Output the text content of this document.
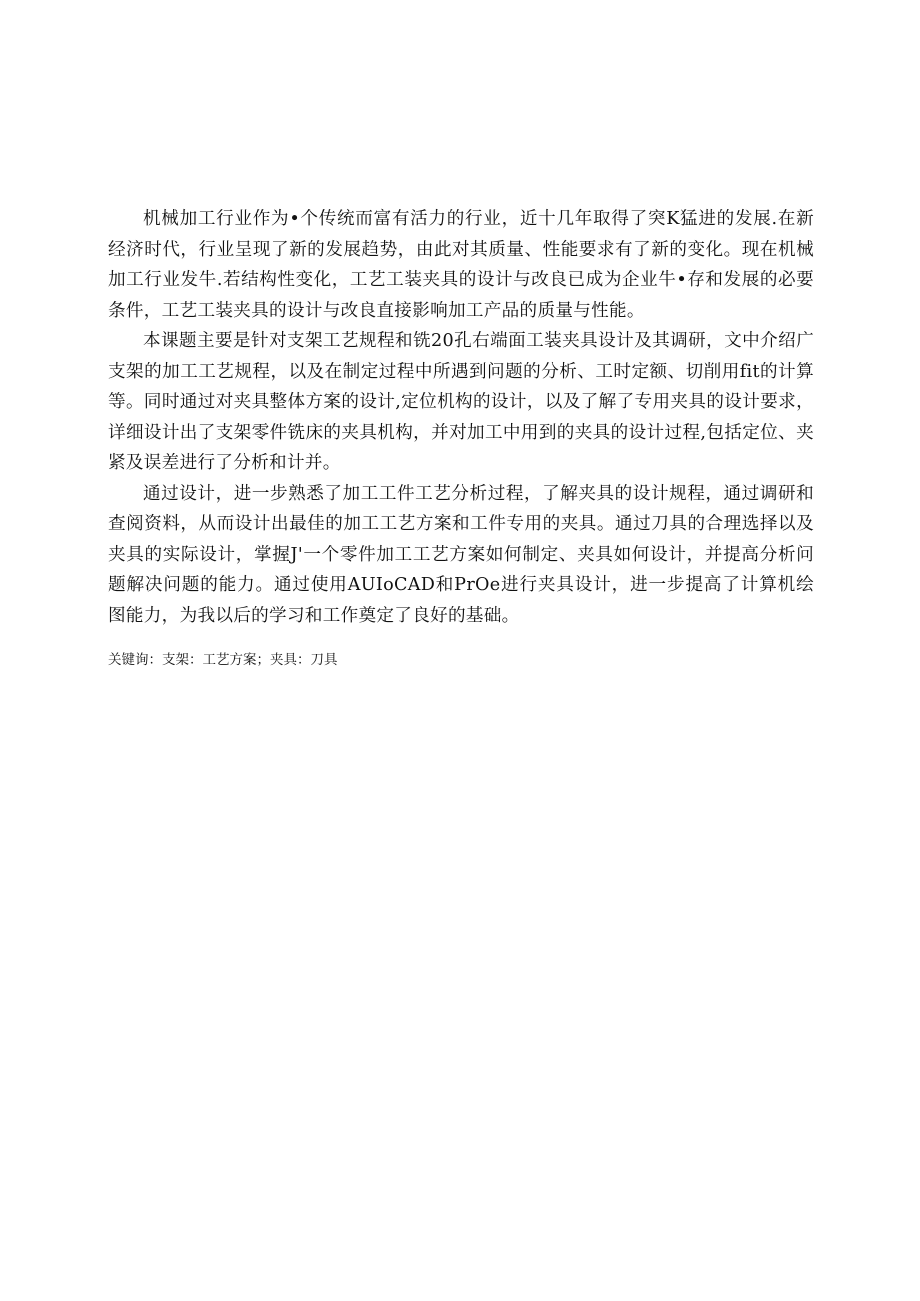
机械加工行业作为•个传统而富有活力的行业，近十几年取得了突K猛进的发展.在新经济时代，行业呈现了新的发展趋势，由此对其质量、性能要求有了新的变化。现在机械加工行业发牛.若结构性变化，工艺工装夹具的设计与改良已成为企业牛•存和发展的必要条件，工艺工装夹具的设计与改良直接影响加工产品的质量与性能。

本课题主要是针对支架工艺规程和铣20孔右端面工装夹具设计及其调研，文中介绍广支架的加工工艺规程，以及在制定过程中所遇到问题的分析、工时定额、切削用fit的计算等。同时通过对夹具整体方案的设计,定位机构的设计，以及了解了专用夹具的设计要求，详细设计出了支架零件铣床的夹具机构，并对加工中用到的夹具的设计过程,包括定位、夹紧及误差进行了分析和计并。

通过设计，进一步熟悉了加工工件工艺分析过程，了解夹具的设计规程，通过调研和查阅资料，从而设计出最佳的加工工艺方案和工件专用的夹具。通过刀具的合理选择以及夹具的实际设计，掌握J'一个零件加工工艺方案如何制定、夹具如何设计，并提高分析问题解决问题的能力。通过使用AUIoCAD和PrOe进行夹具设计，进一步提高了计算机绘图能力，为我以后的学习和工作奠定了良好的基础。

关键询：支架：工艺方案；夹具：刀具
